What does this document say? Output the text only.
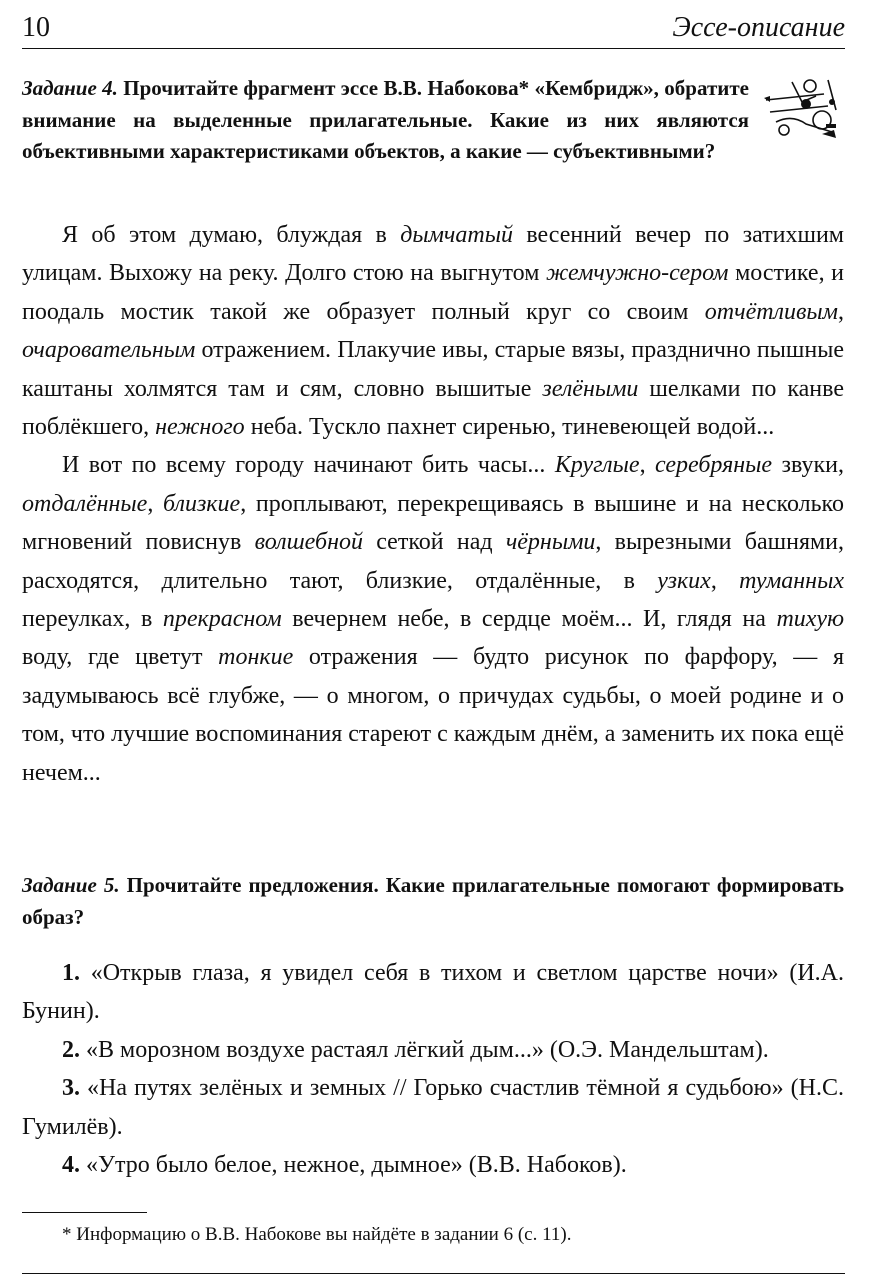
10	Эссе-описание
Задание 4. Прочитайте фрагмент эссе В.В. Набокова* «Кембридж», обратите внимание на выделенные прилагательные. Какие из них являются объективными характеристиками объектов, а какие — субъективными?

Я об этом думаю, блуждая в дымчатый весенний вечер по затихшим улицам. Выхожу на реку. Долго стою на выгнутом жемчужно-сером мостике, и поодаль мостик такой же образует полный круг со своим отчётливым, очаровательным отражением. Плакучие ивы, старые вязы, празднично пышные каштаны холмятся там и сям, словно вышитые зелёными шелками по канве поблёкшего, нежного неба. Тускло пахнет сиренью, тиневеющей водой...

И вот по всему городу начинают бить часы... Круглые, серебряные звуки, отдалённые, близкие, проплывают, перекрещиваясь в вышине и на несколько мгновений повиснув волшебной сеткой над чёрными, вырезными башнями, расходятся, длительно тают, близкие, отдалённые, в узких, туманных переулках, в прекрасном вечернем небе, в сердце моём... И, глядя на тихую воду, где цветут тонкие отражения — будто рисунок по фарфору, — я задумываюсь всё глубже, — о многом, о причудах судьбы, о моей родине и о том, что лучшие воспоминания стареют с каждым днём, а заменить их пока ещё нечем...

Задание 5. Прочитайте предложения. Какие прилагательные помогают формировать образ?

1. «Открыв глаза, я увидел себя в тихом и светлом царстве ночи» (И.А. Бунин).

2. «В морозном воздухе растаял лёгкий дым...» (О.Э. Мандельштам).

3. «На путях зелёных и земных // Горько счастлив тёмной я судьбою» (Н.С. Гумилёв).

4. «Утро было белое, нежное, дымное» (В.В. Набоков).

* Информацию о В.В. Набокове вы найдёте в задании 6 (с. 11).
